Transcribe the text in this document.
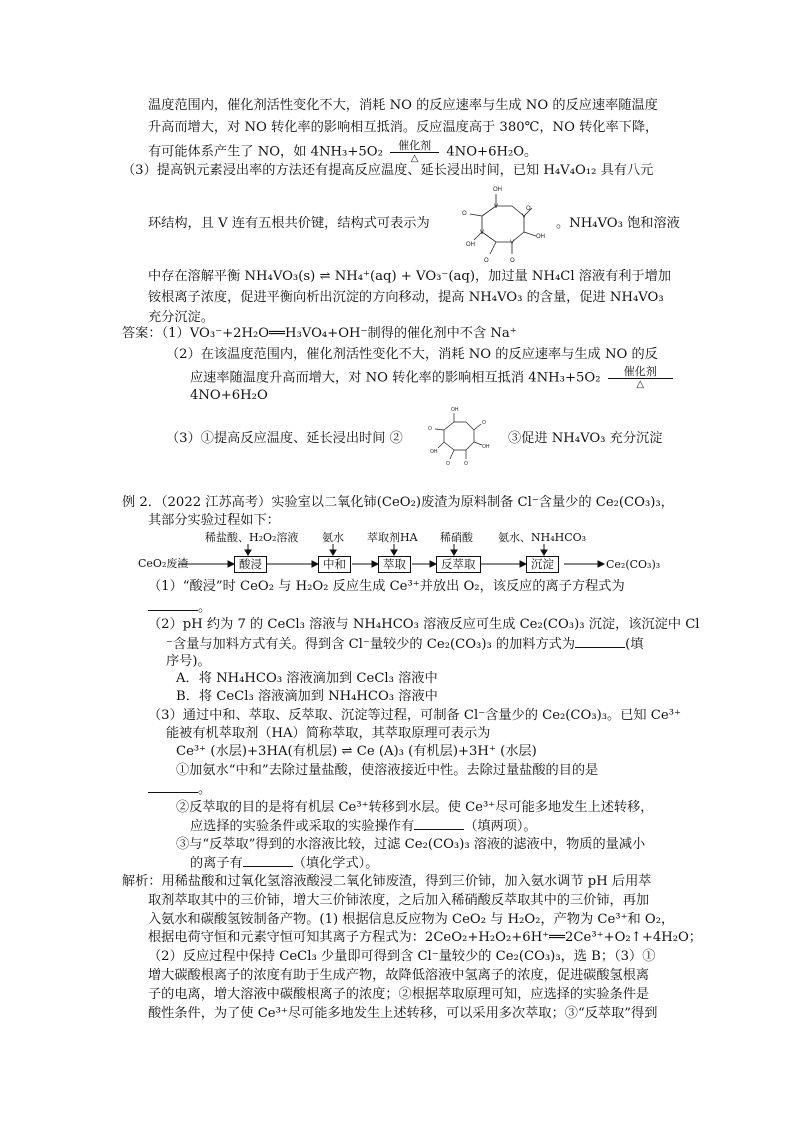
温度范围内，催化剂活性变化不大，消耗 NO 的反应速率与生成 NO 的反应速率随温度
升高而增大，对 NO 转化率的影响相互抵消。反应温度高于 380℃，NO 转化率下降，
有可能体系产生了 NO，如 $4NH_3+5O_2 \frac{\text{催化剂}}{\triangle} 4NO+6H_2O$。
（3）提高钒元素浸出率的方法还有提高反应温度、延长浸出时间，已知 H₄V₄O₁₂ 具有八元
环结构，且 V 连有五根共价键，结构式可表示为
OH
V	O
V
OH
O
V
OH	V
O
O
。NH₄VO₃ 饱和溶液
中存在溶解平衡 NH₄VO₃(s) ⇌ NH₄⁺(aq) + VO₃⁻(aq)，加过量 NH₄Cl 溶液有利于增加
铵根离子浓度，促进平衡向析出沉淀的方向移动，提高 NH₄VO₃ 的含量，促进 NH₄VO₃
充分沉淀。
答案：（1）VO₃⁻+2H₂O══H₃VO₄+OH⁻制得的催化剂中不含 Na⁺
（2）在该温度范围内，催化剂活性变化不大，消耗 NO 的反应速率与生成 NO 的反
应速率随温度升高而增大，对 NO 转化率的影响相互抵消 $4NH_3+5O_2 \frac{\text{催化剂}}{\triangle}$
4NO+6H₂O
（3）①提高反应温度、延长浸出时间 ②
OH
O
OH
O
OH
O
O
③促进 NH₄VO₃ 充分沉淀
例 2．（2022 江苏高考）实验室以二氧化铈(CeO₂)废渣为原料制备 Cl⁻含量少的 Ce₂(CO₃)₃，
其部分实验过程如下：
稀盐酸、H₂O₂溶液 氨水 萃取剂HA 稀硝酸 氨水、NH₄HCO₃
CeO₂废渣	酸浸	中和	萃取	反萃取	沉淀	Ce₂(CO₃)₃
（1）“酸浸”时 CeO₂ 与 H₂O₂ 反应生成 Ce³⁺并放出 O₂，该反应的离子方程式为
。
（2）pH 约为 7 的 CeCl₃ 溶液与 NH₄HCO₃ 溶液反应可生成 Ce₂(CO₃)₃ 沉淀，该沉淀中 Cl
⁻含量与加料方式有关。得到含 Cl⁻量较少的 Ce₂(CO₃)₃ 的加料方式为	(填
序号)。
A．将 NH₄HCO₃ 溶液滴加到 CeCl₃ 溶液中
B．将 CeCl₃ 溶液滴加到 NH₄HCO₃ 溶液中
（3）通过中和、萃取、反萃取、沉淀等过程，可制备 Cl⁻含量少的 Ce₂(CO₃)₃。已知 Ce³⁺
能被有机萃取剂（HA）简称萃取，其萃取原理可表示为
Ce³⁺ (水层)+3HA(有机层) ⇌ Ce (A)₃ (有机层)+3H⁺ (水层)
①加氨水“中和”去除过量盐酸，使溶液接近中性。去除过量盐酸的目的是
。
②反萃取的目的是将有机层 Ce³⁺转移到水层。使 Ce³⁺尽可能多地发生上述转移，
应选择的实验条件或采取的实验操作有	（填两项）。
③与“反萃取”得到的水溶液比较，过滤 Ce₂(CO₃)₃ 溶液的滤液中，物质的量减小
的离子有	（填化学式）。
解析：用稀盐酸和过氧化氢溶液酸浸二氧化铈废渣，得到三价铈，加入氨水调节 pH 后用萃
取剂萃取其中的三价铈，增大三价铈浓度，之后加入稀硝酸反萃取其中的三价铈，再加
入氨水和碳酸氢铵制备产物。(1) 根据信息反应物为 CeO₂ 与 H₂O₂，产物为 Ce³⁺和 O₂，
根据电荷守恒和元素守恒可知其离子方程式为：2CeO₂+H₂O₂+6H⁺══2Ce³⁺+O₂↑+4H₂O；
（2）反应过程中保持 CeCl₃ 少量即可得到含 Cl⁻量较少的 Ce₂(CO₃)₃，选 B；（3）①
增大碳酸根离子的浓度有助于生成产物，故降低溶液中氢离子的浓度，促进碳酸氢根离
子的电离，增大溶液中碳酸根离子的浓度；②根据萃取原理可知，应选择的实验条件是
酸性条件，为了使 Ce³⁺尽可能多地发生上述转移，可以采用多次萃取；③“反萃取”得到
